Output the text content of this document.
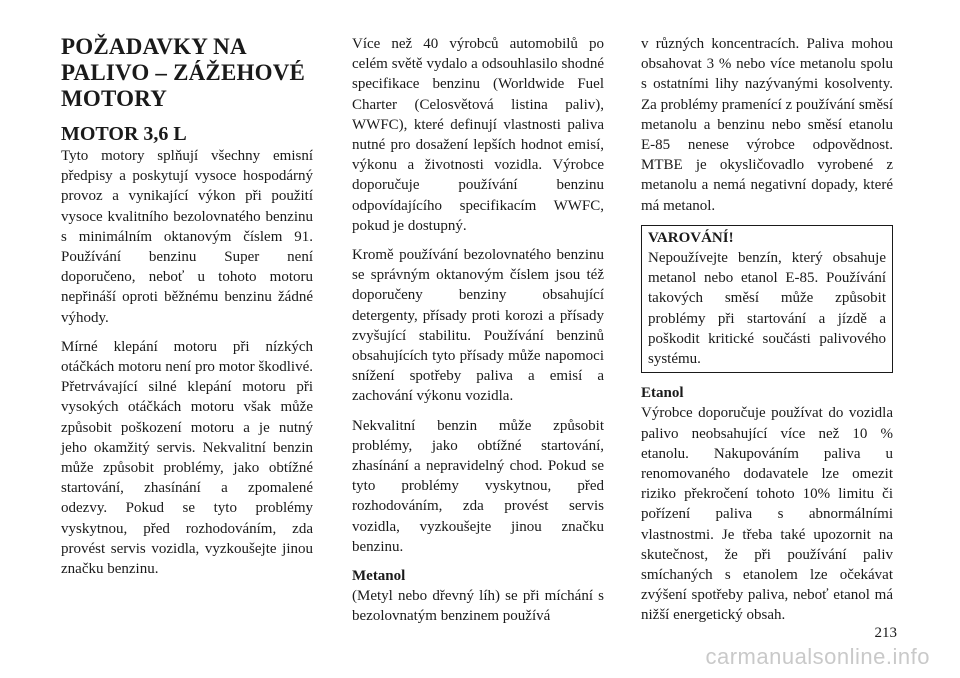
POŽADAVKY NA
PALIVO – ZÁŽEHOVÉ
MOTORY
MOTOR 3,6 L

Tyto motory splňují všechny emisní předpisy a poskytují vysoce hospodárný provoz a vynikající výkon při použití vysoce kvalitního bezolovnatého benzinu s minimálním oktanovým číslem 91. Používání benzinu Super není doporučeno, neboť u tohoto motoru nepřináší oproti běžnému benzinu žádné výhody.

Mírné klepání motoru při nízkých otáčkách motoru není pro motor škodlivé. Přetrvávající silné klepání motoru při vysokých otáčkách motoru však může způsobit poškození motoru a je nutný jeho okamžitý servis. Nekvalitní benzin může způsobit problémy, jako obtížné startování, zhasínání a zpomalené odezvy. Pokud se tyto problémy vyskytnou, před rozhodováním, zda provést servis vozidla, vyzkoušejte jinou značku benzinu.

Více než 40 výrobců automobilů po celém světě vydalo a odsouhlasilo shodné specifikace benzinu (Worldwide Fuel Charter (Celosvětová listina paliv), WWFC), které definují vlastnosti paliva nutné pro dosažení lepších hodnot emisí, výkonu a životnosti vozidla. Výrobce doporučuje používání benzinu odpovídajícího specifikacím WWFC, pokud je dostupný.

Kromě používání bezolovnatého benzinu se správným oktanovým číslem jsou též doporučeny benziny obsahující detergenty, přísady proti korozi a přísady zvyšující stabilitu. Používání benzinů obsahujících tyto přísady může napomoci snížení spotřeby paliva a emisí a zachování výkonu vozidla.

Nekvalitní benzin může způsobit problémy, jako obtížné startování, zhasínání a nepravidelný chod. Pokud se tyto problémy vyskytnou, před rozhodováním, zda provést servis vozidla, vyzkoušejte jinou značku benzinu.

Metanol

(Metyl nebo dřevný líh) se při míchání s bezolovnatým benzinem používá

v různých koncentracích. Paliva mohou obsahovat 3 % nebo více metanolu spolu s ostatními lihy nazývanými kosolventy. Za problémy pramenící z používání směsí metanolu a benzinu nebo směsí etanolu E-85 nenese výrobce odpovědnost. MTBE je okysličovadlo vyrobené z metanolu a nemá negativní dopady, které má metanol.

VAROVÁNÍ!

Nepoužívejte benzín, který obsahuje metanol nebo etanol E-85. Používání takových směsí může způsobit problémy při startování a jízdě a poškodit kritické součásti palivového systému.

Etanol

Výrobce doporučuje používat do vozidla palivo neobsahující více než 10 % etanolu. Nakupováním paliva u renomovaného dodavatele lze omezit riziko překročení tohoto 10% limitu či pořízení paliva s abnormálními vlastnostmi. Je třeba také upozornit na skutečnost, že při používání paliv smíchaných s etanolem lze očekávat zvýšení spotřeby paliva, neboť etanol má nižší energetický obsah.

213
carmanualsonline.info
